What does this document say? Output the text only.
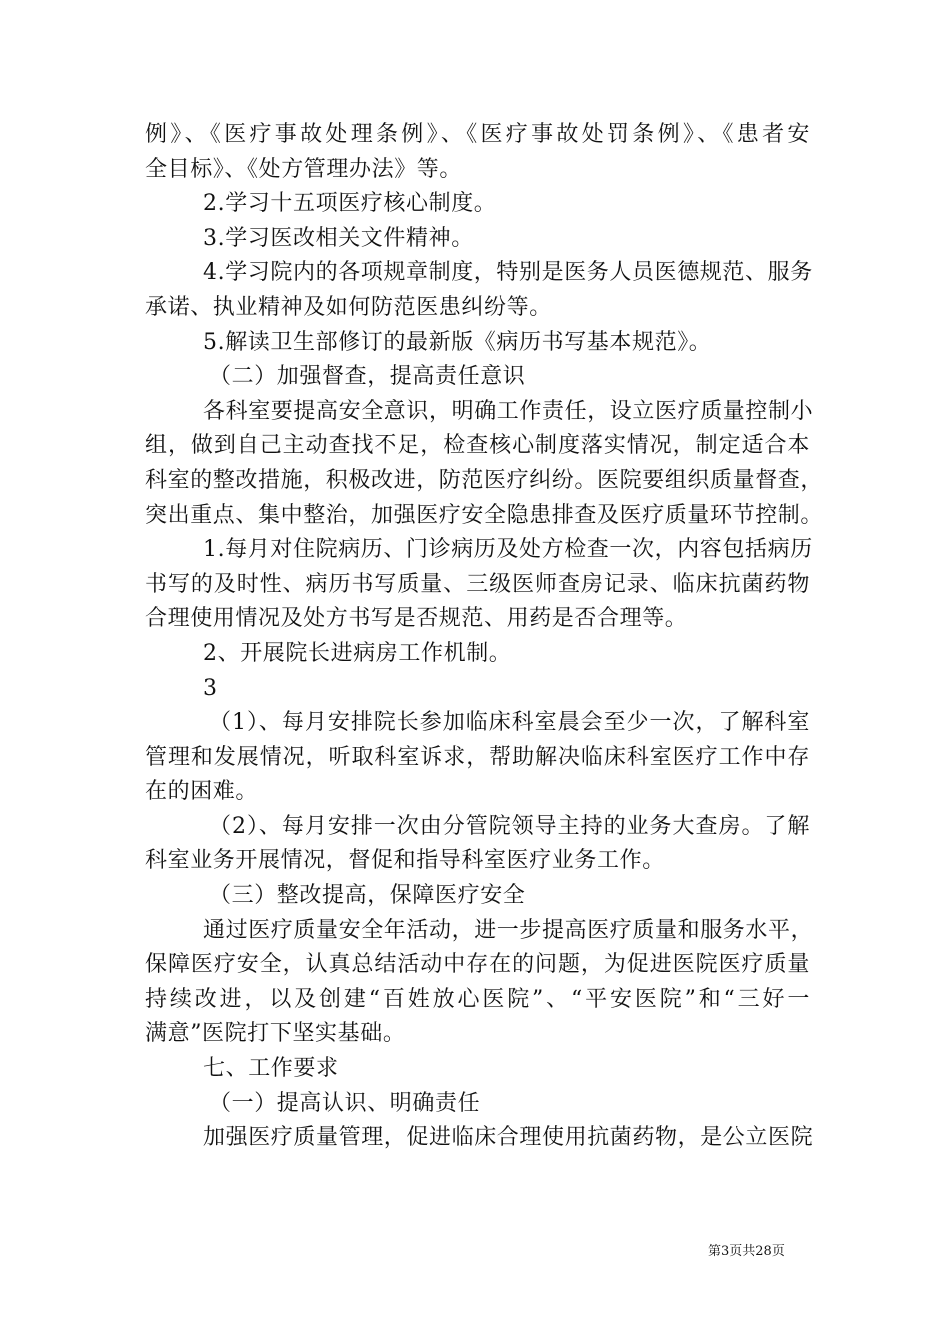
例》、《医疗事故处理条例》、《医疗事故处罚条例》、《患者安
全目标》、《处方管理办法》等。
2.学习十五项医疗核心制度。
3.学习医改相关文件精神。
4.学习院内的各项规章制度，特别是医务人员医德规范、服务
承诺、执业精神及如何防范医患纠纷等。
5.解读卫生部修订的最新版《病历书写基本规范》。
（二）加强督查，提高责任意识
各科室要提高安全意识，明确工作责任，设立医疗质量控制小
组，做到自己主动查找不足，检查核心制度落实情况，制定适合本
科室的整改措施，积极改进，防范医疗纠纷。医院要组织质量督查，
突出重点、集中整治，加强医疗安全隐患排查及医疗质量环节控制。
1.每月对住院病历、门诊病历及处方检查一次，内容包括病历
书写的及时性、病历书写质量、三级医师查房记录、临床抗菌药物
合理使用情况及处方书写是否规范、用药是否合理等。
2、开展院长进病房工作机制。
3
（1）、每月安排院长参加临床科室晨会至少一次，了解科室
管理和发展情况，听取科室诉求，帮助解决临床科室医疗工作中存
在的困难。
（2）、每月安排一次由分管院领导主持的业务大查房。了解
科室业务开展情况，督促和指导科室医疗业务工作。
（三）整改提高，保障医疗安全
通过医疗质量安全年活动，进一步提高医疗质量和服务水平，
保障医疗安全，认真总结活动中存在的问题，为促进医院医疗质量
持续改进，以及创建“百姓放心医院”、“平安医院”和“三好一
满意”医院打下坚实基础。
七、工作要求
（一）提高认识、明确责任
加强医疗质量管理，促进临床合理使用抗菌药物，是公立医院
第3页共28页
